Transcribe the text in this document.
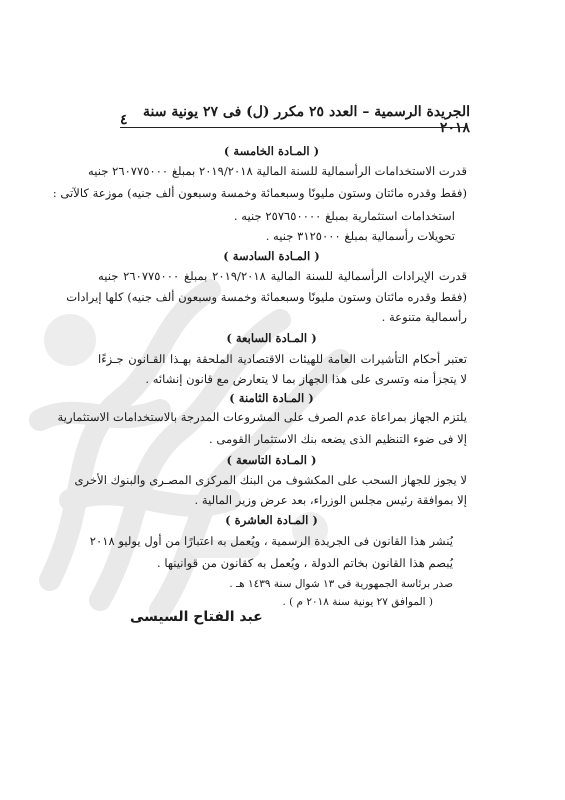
الجريدة الرسمية – العدد ٢٥ مكرر (ل) فى ٢٧ يونية سنة ٢٠١٨
٤
( المـادة الخامسة )
قدرت الاستخدامات الرأسمالية للسنة المالية ٢٠١٩/٢٠١٨ بمبلغ ٢٦٠٧٧٥٠٠٠ جنيه
(فقط وقدره مائتان وستون مليونًا وسبعمائة وخمسة وسبعون ألف جنيه) موزعة كالآتى :
استخدامات استثمارية بمبلغ ٢٥٧٦٥٠٠٠٠ جنيه .
تحويلات رأسمالية بمبلغ ٣١٢٥٠٠٠ جنيه .
( المـادة السادسة )
قدرت الإيرادات الرأسمالية للسنة المالية ٢٠١٩/٢٠١٨ بمبلغ ٢٦٠٧٧٥٠٠٠ جنيه
(فقط وقدره مائتان وستون مليونًا وسبعمائة وخمسة وسبعون ألف جنيه) كلها إيرادات
رأسمالية متنوعة .
( المـادة السابعة )
تعتبر أحكام التأشيرات العامة للهيئات الاقتصادية الملحقة بهـذا القـانون جـزءًا
لا يتجزأ منه وتسرى على هذا الجهاز بما لا يتعارض مع قانون إنشائه .
( المـادة الثامنة )
يلتزم الجهاز بمراعاة عدم الصرف على المشروعات المدرجة بالاستخدامات الاستثمارية
إلا فى ضوء التنظيم الذى يضعه بنك الاستثمار القومى .
( المـادة التاسعة )
لا يجوز للجهاز السحب على المكشوف من البنك المركزى المصـرى والبنوك الأخرى
إلا بموافقة رئيس مجلس الوزراء، بعد عرض وزير المالية .
( المـادة العاشرة )
يُنشر هذا القانون فى الجريدة الرسمية ، ويُعمل به اعتبارًا من أول يوليو ٢٠١٨
يُبصم هذا القانون بخاتم الدولة ، ويُعمل به كقانون من قوانينها .
صدر برئاسة الجمهورية فى ١٣ شوال سنة ١٤٣٩ هـ .
( الموافق ٢٧ يونية سنة ٢٠١٨ م ) .
عبد الفتاح السيسى
